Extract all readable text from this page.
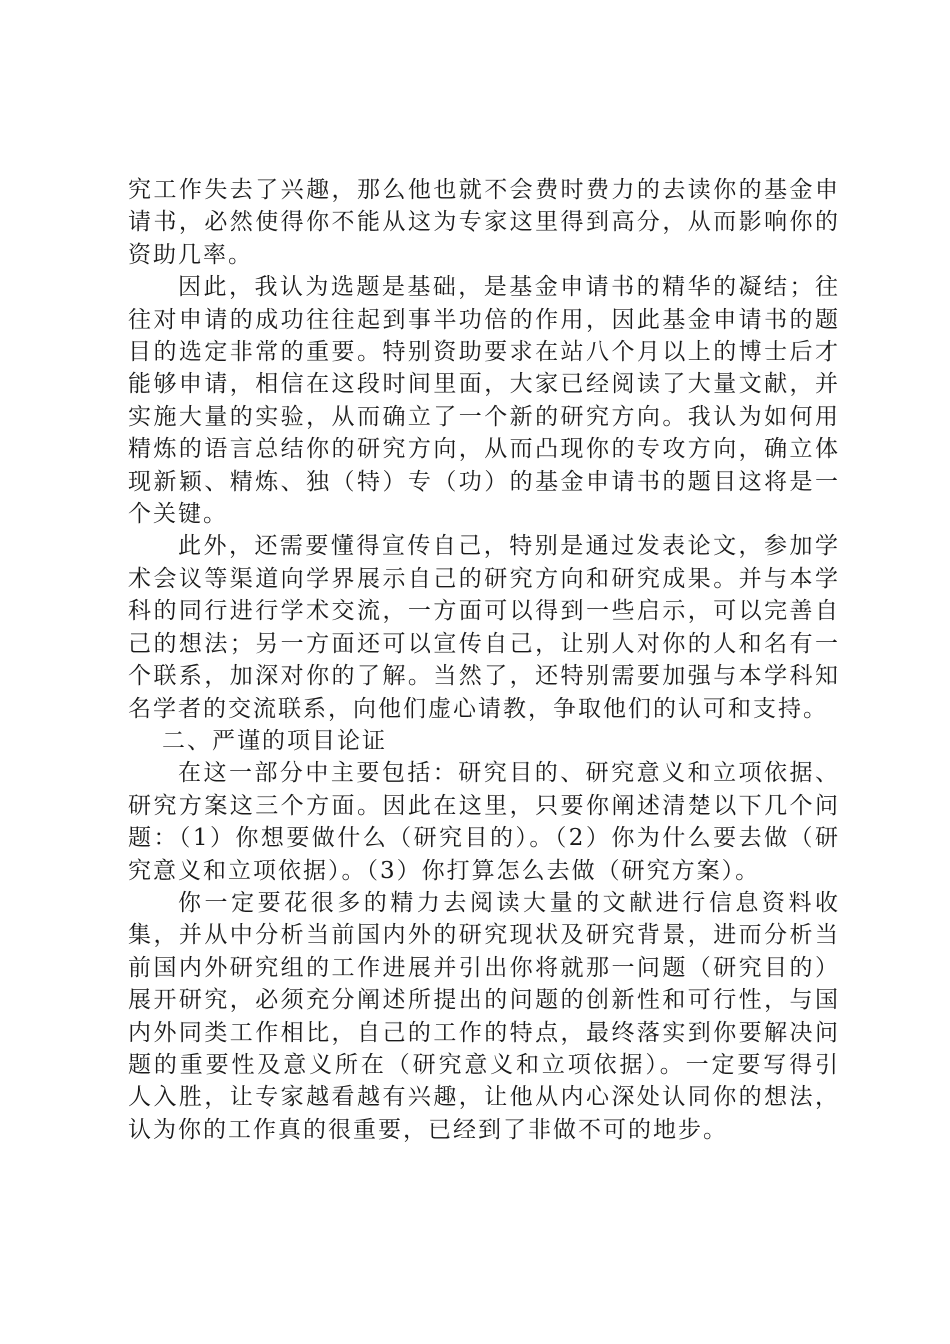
究工作失去了兴趣，那么他也就不会费时费力的去读你的基金申请书，必然使得你不能从这为专家这里得到高分，从而影响你的资助几率。

因此，我认为选题是基础，是基金申请书的精华的凝结；往往对申请的成功往往起到事半功倍的作用，因此基金申请书的题目的选定非常的重要。特别资助要求在站八个月以上的博士后才能够申请，相信在这段时间里面，大家已经阅读了大量文献，并实施大量的实验，从而确立了一个新的研究方向。我认为如何用精炼的语言总结你的研究方向，从而凸现你的专攻方向，确立体现新颖、精炼、独（特）专（功）的基金申请书的题目这将是一个关键。

此外，还需要懂得宣传自己，特别是通过发表论文，参加学术会议等渠道向学界展示自己的研究方向和研究成果。并与本学科的同行进行学术交流，一方面可以得到一些启示，可以完善自己的想法；另一方面还可以宣传自己，让别人对你的人和名有一个联系，加深对你的了解。当然了，还特别需要加强与本学科知名学者的交流联系，向他们虚心请教，争取他们的认可和支持。

二、严谨的项目论证

在这一部分中主要包括：研究目的、研究意义和立项依据、研究方案这三个方面。因此在这里，只要你阐述清楚以下几个问题：（1）你想要做什么（研究目的）。（2）你为什么要去做（研究意义和立项依据）。（3）你打算怎么去做（研究方案）。

你一定要花很多的精力去阅读大量的文献进行信息资料收集，并从中分析当前国内外的研究现状及研究背景，进而分析当前国内外研究组的工作进展并引出你将就那一问题（研究目的）展开研究，必须充分阐述所提出的问题的创新性和可行性，与国内外同类工作相比，自己的工作的特点，最终落实到你要解决问题的重要性及意义所在（研究意义和立项依据）。一定要写得引人入胜，让专家越看越有兴趣，让他从内心深处认同你的想法，认为你的工作真的很重要，已经到了非做不可的地步。
